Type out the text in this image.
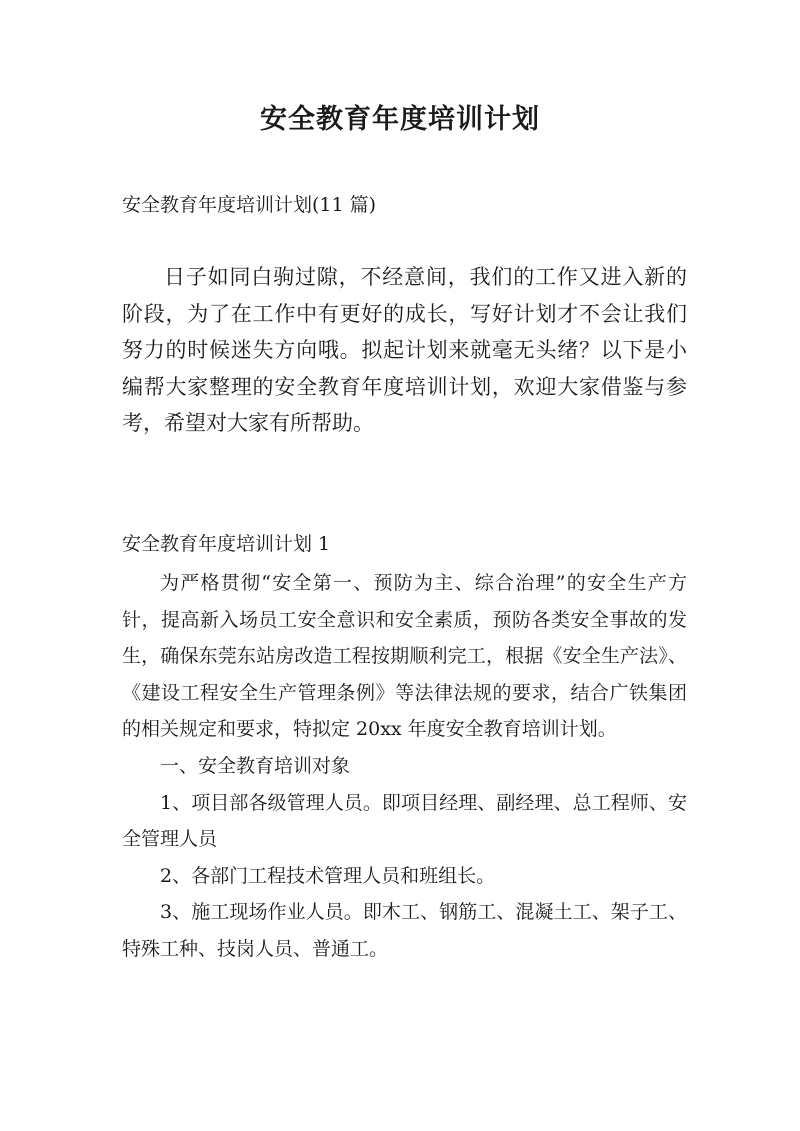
安全教育年度培训计划
安全教育年度培训计划(11 篇)
日子如同白驹过隙，不经意间，我们的工作又进入新的阶段，为了在工作中有更好的成长，写好计划才不会让我们努力的时候迷失方向哦。拟起计划来就毫无头绪？以下是小编帮大家整理的安全教育年度培训计划，欢迎大家借鉴与参考，希望对大家有所帮助。
安全教育年度培训计划 1

为严格贯彻“安全第一、预防为主、综合治理”的安全生产方针，提高新入场员工安全意识和安全素质，预防各类安全事故的发生，确保东莞东站房改造工程按期顺利完工，根据《安全生产法》、《建设工程安全生产管理条例》等法律法规的要求，结合广铁集团的相关规定和要求，特拟定 20xx 年度安全教育培训计划。

一、安全教育培训对象

1、项目部各级管理人员。即项目经理、副经理、总工程师、安全管理人员

2、各部门工程技术管理人员和班组长。

3、施工现场作业人员。即木工、钢筋工、混凝土工、架子工、特殊工种、技岗人员、普通工。
